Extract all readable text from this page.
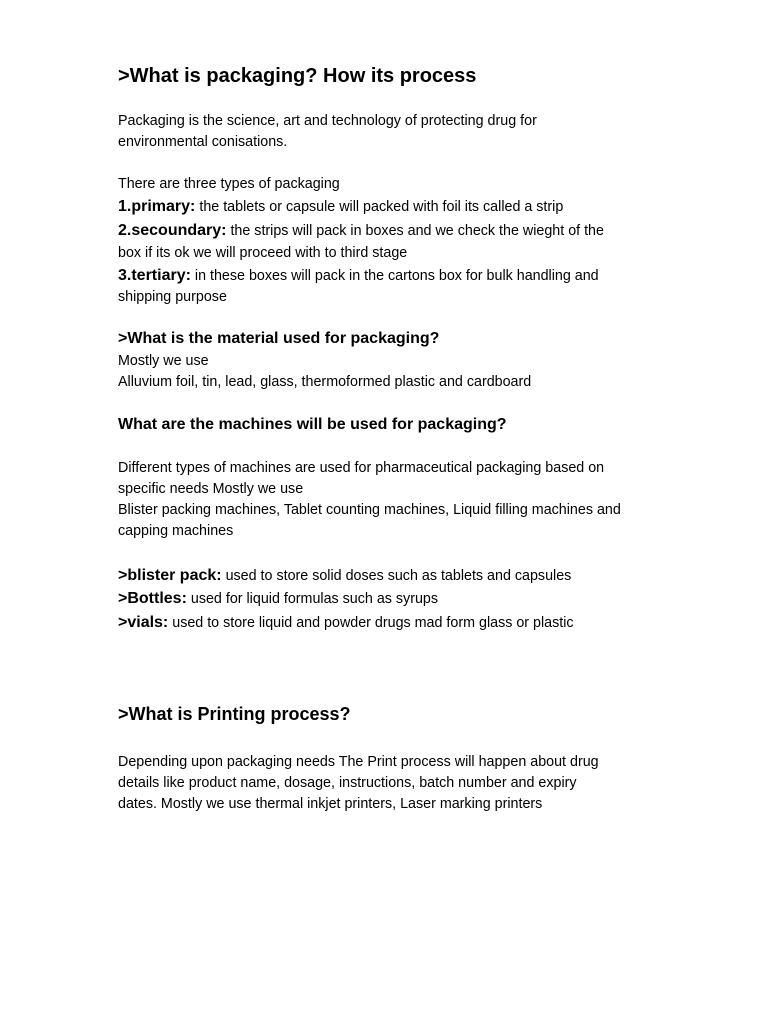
>What is packaging? How its process

Packaging is the science, art and technology of protecting drug for
environmental conisations.

There are three types of packaging

1.primary: the tablets or capsule will packed with foil its called a strip
2.secoundary: the strips will pack in boxes and we check the wieght of the
box if its ok we will proceed with to third stage
3.tertiary: in these boxes will pack in the cartons box for bulk handling and
shipping purpose
>What is the material used for packaging?

Mostly we use
Alluvium foil, tin, lead, glass, thermoformed plastic and cardboard

What are the machines will be used for packaging?

Different types of machines are used for pharmaceutical packaging based on
specific needs Mostly we use
Blister packing machines, Tablet counting machines, Liquid filling machines and
capping machines

>blister pack: used to store solid doses such as tablets and capsules
>Bottles: used for liquid formulas such as syrups
>vials: used to store liquid and powder drugs mad form glass or plastic
>What is Printing process?

Depending upon packaging needs The Print process will happen about drug
details like product name, dosage, instructions, batch number and expiry
dates. Mostly we use thermal inkjet printers, Laser marking printers
